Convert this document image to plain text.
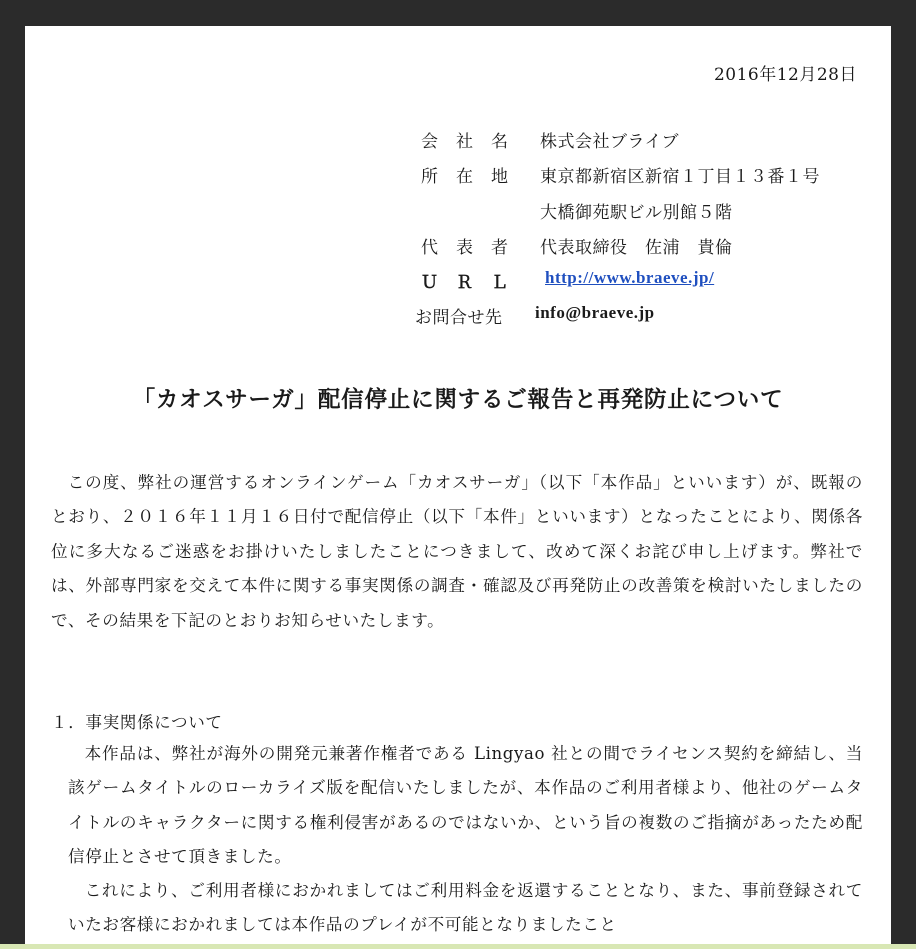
2016年12月28日
会　社　名 株式会社ブライブ
所　在　地 東京都新宿区新宿１丁目１３番１号
大橋御苑駅ビル別館５階
代　表　者 代表取締役　佐浦　貴倫
Ｕ　Ｒ　Ｌ http://www.braeve.jp/
お問合せ先 info@braeve.jp
「カオスサーガ」配信停止に関するご報告と再発防止について

この度、弊社の運営するオンラインゲーム「カオスサーガ」（以下「本作品」といいます）が、既報のとおり、２０１６年１１月１６日付で配信停止（以下「本件」といいます）となったことにより、関係各位に多大なるご迷惑をお掛けいたしましたことにつきまして、改めて深くお詫び申し上げます。弊社では、外部専門家を交えて本件に関する事実関係の調査・確認及び再発防止の改善策を検討いたしましたので、その結果を下記のとおりお知らせいたします。

１．事実関係について

本作品は、弊社が海外の開発元兼著作権者である Lingyao 社との間でライセンス契約を締結し、当該ゲームタイトルのローカライズ版を配信いたしましたが、本作品のご利用者様より、他社のゲームタイトルのキャラクターに関する権利侵害があるのではないか、という旨の複数のご指摘があったため配信停止とさせて頂きました。

これにより、ご利用者様におかれましてはご利用料金を返還することとなり、また、事前登録されていたお客様におかれましては本作品のプレイが不可能となりましたこと
